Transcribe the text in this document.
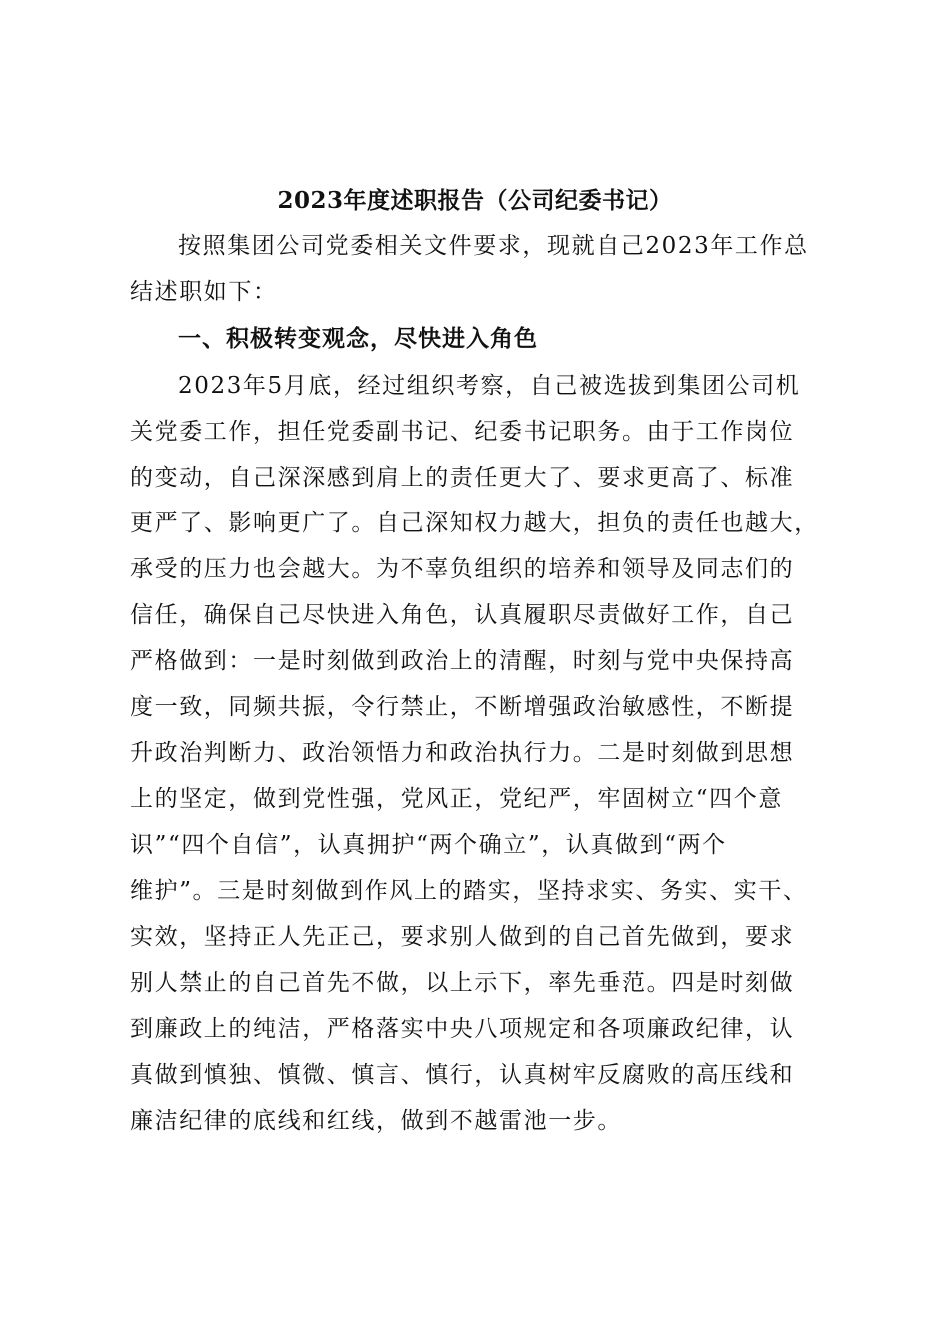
2023年度述职报告（公司纪委书记）
按照集团公司党委相关文件要求，现就自己2023年工作总
结述职如下：
一、积极转变观念，尽快进入角色
2023年5月底，经过组织考察，自己被选拔到集团公司机
关党委工作，担任党委副书记、纪委书记职务。由于工作岗位
的变动，自己深深感到肩上的责任更大了、要求更高了、标准
更严了、影响更广了。自己深知权力越大，担负的责任也越大，
承受的压力也会越大。为不辜负组织的培养和领导及同志们的
信任，确保自己尽快进入角色，认真履职尽责做好工作，自己
严格做到：一是时刻做到政治上的清醒，时刻与党中央保持高
度一致，同频共振，令行禁止，不断增强政治敏感性，不断提
升政治判断力、政治领悟力和政治执行力。二是时刻做到思想
上的坚定，做到党性强，党风正，党纪严，牢固树立“四个意
识”“四个自信”，认真拥护“两个确立”，认真做到“两个
维护”。三是时刻做到作风上的踏实，坚持求实、务实、实干、
实效，坚持正人先正己，要求别人做到的自己首先做到，要求
别人禁止的自己首先不做，以上示下，率先垂范。四是时刻做
到廉政上的纯洁，严格落实中央八项规定和各项廉政纪律，认
真做到慎独、慎微、慎言、慎行，认真树牢反腐败的高压线和
廉洁纪律的底线和红线，做到不越雷池一步。
